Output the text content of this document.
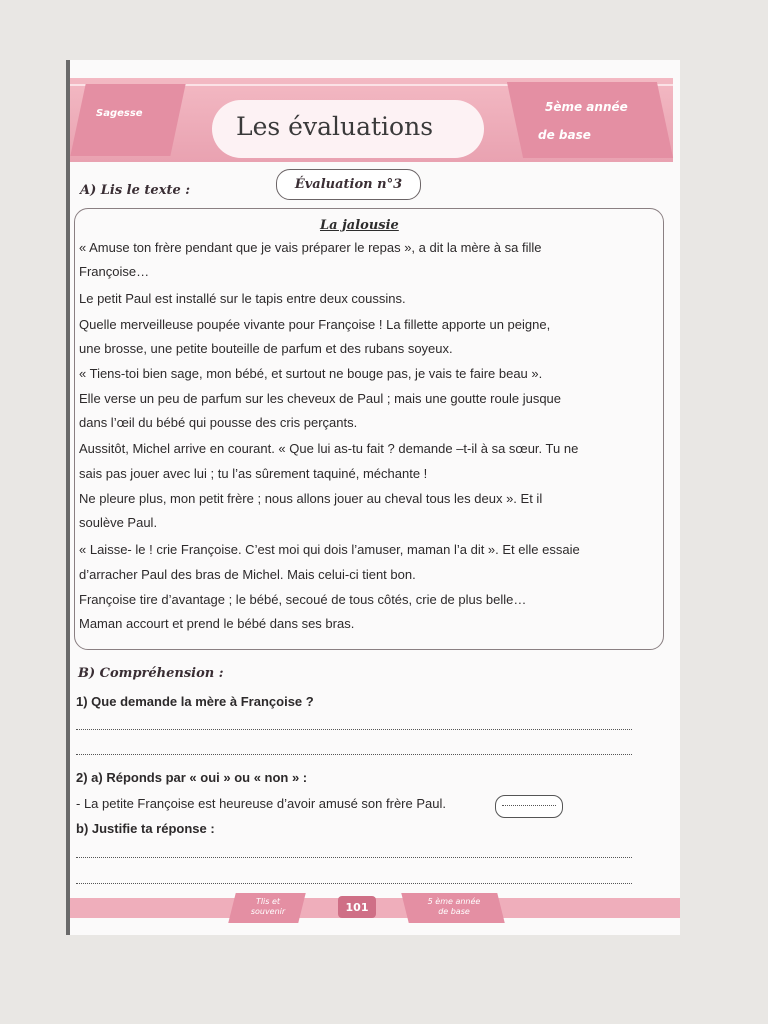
Sagesse	Les évaluations
5ème année
de base
A) Lis le texte :	Évaluation n°3
La jalousie
« Amuse ton frère pendant que je vais préparer le repas », a dit la mère à sa fille
Françoise…
Le petit Paul est installé sur le tapis entre deux coussins.
Quelle merveilleuse poupée vivante pour Françoise ! La fillette apporte un peigne,
une brosse, une petite bouteille de parfum et des rubans soyeux.
« Tiens-toi bien sage, mon bébé, et surtout ne bouge pas, je vais te faire beau ».
Elle verse un peu de parfum sur les cheveux de Paul ; mais une goutte roule jusque
dans l’œil du bébé qui pousse des cris perçants.
Aussitôt, Michel arrive en courant. « Que lui as-tu fait ? demande –t-il à sa sœur. Tu ne
sais pas jouer avec lui ; tu l’as sûrement taquiné, méchante !
Ne pleure plus, mon petit frère ; nous allons jouer au cheval tous les deux ». Et il
soulève Paul.
« Laisse- le ! crie Françoise. C’est moi qui dois l’amuser, maman l’a dit ». Et elle essaie
d’arracher Paul des bras de Michel. Mais celui-ci tient bon.
Françoise tire d’avantage ; le bébé, secoué de tous côtés, crie de plus belle…
Maman accourt et prend le bébé dans ses bras.
B) Compréhension :
1) Que demande la mère à Françoise ?
2) a) Réponds par « oui » ou « non » :
- La petite Françoise est heureuse d’avoir amusé son frère Paul.
b) Justifie ta réponse :
Tlis et
souvenir	101	5 ème année
de base
